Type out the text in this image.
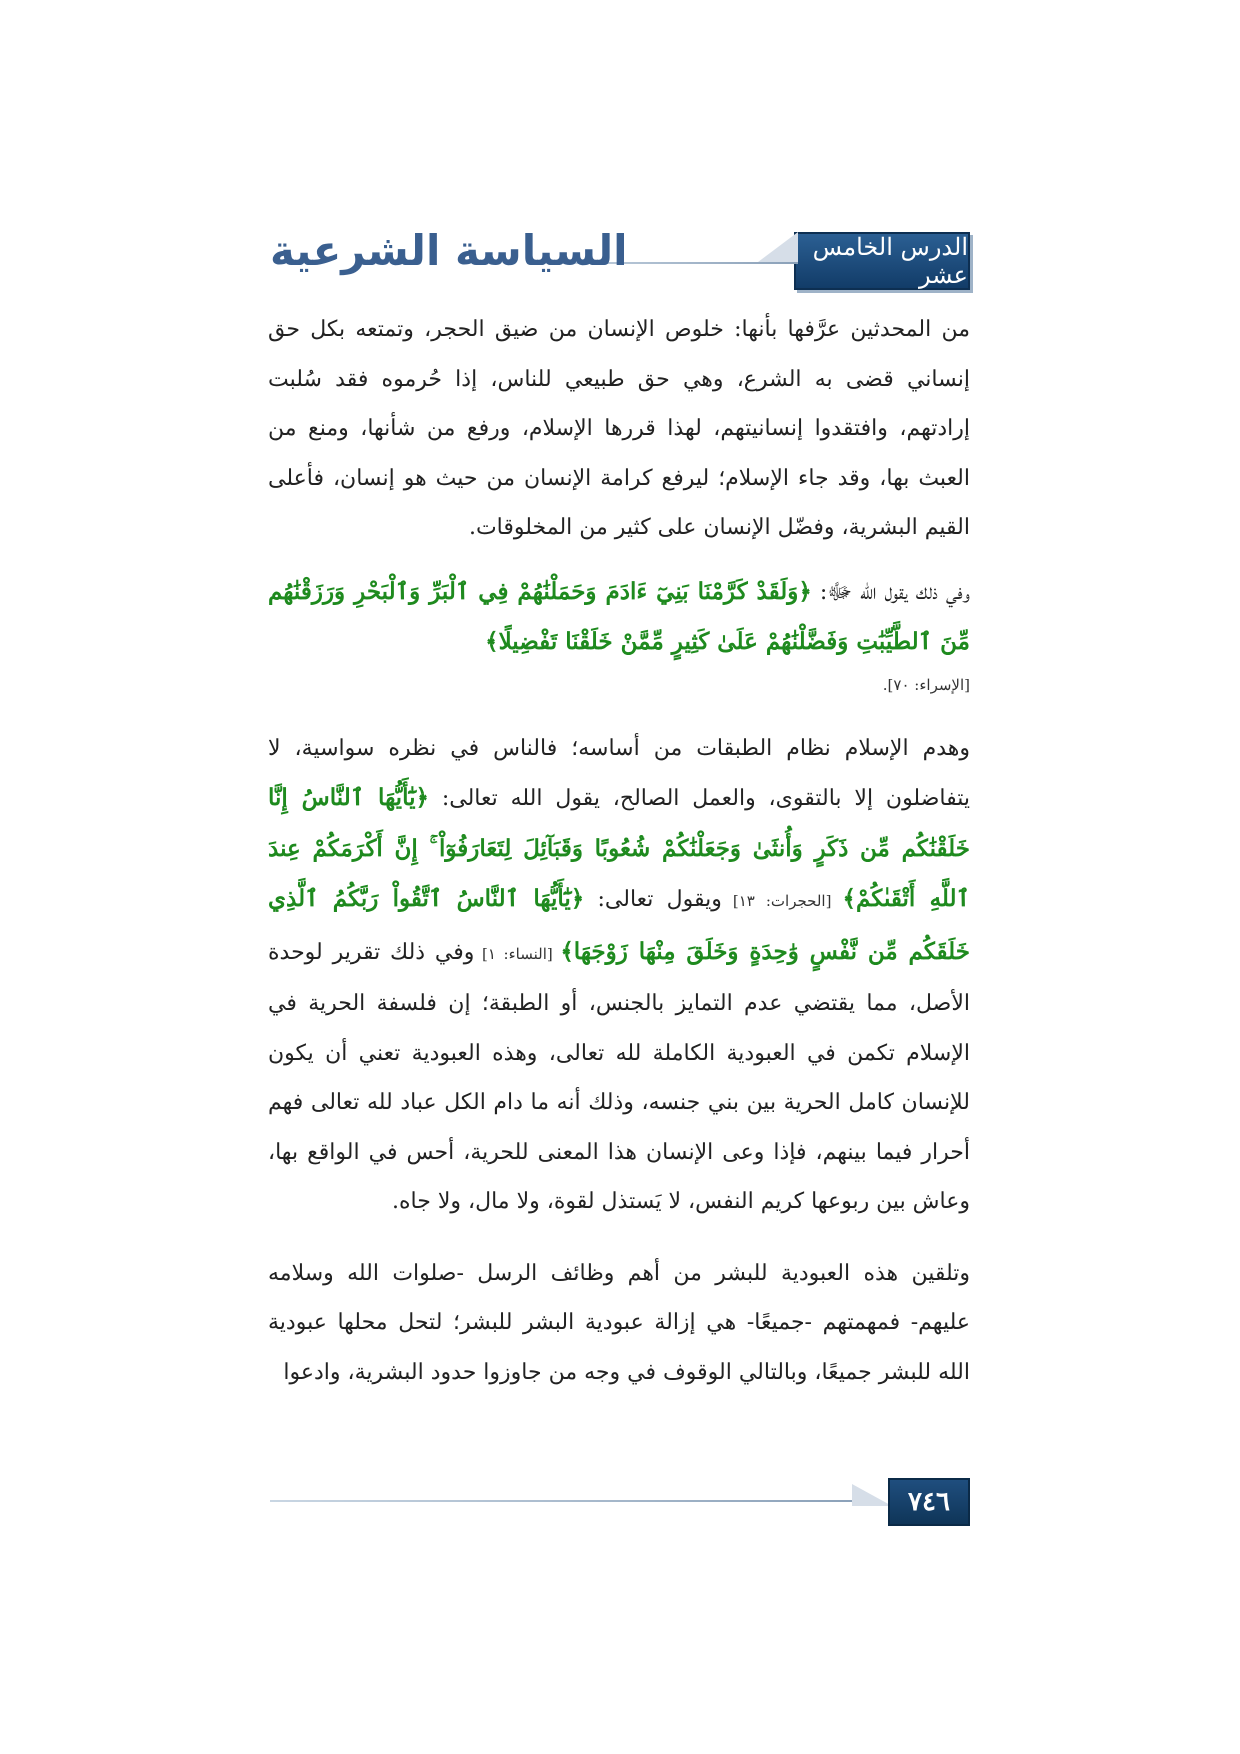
الدرس الخامس عشر
السياسة الشرعية

من المحدثين عرَّفها بأنها: خلوص الإنسان من ضيق الحجر، وتمتعه بكل حق إنساني قضى به الشرع، وهي حق طبيعي للناس، إذا حُرموه فقد سُلبت إرادتهم، وافتقدوا إنسانيتهم، لهذا قررها الإسلام، ورفع من شأنها، ومنع من العبث بها، وقد جاء الإسلام؛ ليرفع كرامة الإنسان من حيث هو إنسان، فأعلى القيم البشرية، وفضّل الإنسان على كثير من المخلوقات.

وفي ذلك يقول الله ﷻ: ﴿وَلَقَدْ كَرَّمْنَا بَنِيٓ ءَادَمَ وَحَمَلْنَٰهُمْ فِي ٱلْبَرِّ وَٱلْبَحْرِ وَرَزَقْنَٰهُم مِّنَ ٱلطَّيِّبَٰتِ وَفَضَّلْنَٰهُمْ عَلَىٰ كَثِيرٍ مِّمَّنْ خَلَقْنَا تَفْضِيلًا﴾

[الإسراء: ٧٠].

وهدم الإسلام نظام الطبقات من أساسه؛ فالناس في نظره سواسية، لا يتفاضلون إلا بالتقوى، والعمل الصالح، يقول الله تعالى: ﴿يَٰٓأَيُّهَا ٱلنَّاسُ إِنَّا خَلَقْنَٰكُم مِّن ذَكَرٍ وَأُنثَىٰ وَجَعَلْنَٰكُمْ شُعُوبًا وَقَبَآئِلَ لِتَعَارَفُوٓاْ ۚ إِنَّ أَكْرَمَكُمْ عِندَ ٱللَّهِ أَتْقَىٰكُمْ﴾ [الحجرات: ١٣] ويقول تعالى: ﴿يَٰٓأَيُّهَا ٱلنَّاسُ ٱتَّقُواْ رَبَّكُمُ ٱلَّذِي خَلَقَكُم مِّن نَّفْسٍ وَٰحِدَةٍ وَخَلَقَ مِنْهَا زَوْجَهَا﴾ [النساء: ١] وفي ذلك تقرير لوحدة الأصل، مما يقتضي عدم التمايز بالجنس، أو الطبقة؛ إن فلسفة الحرية في الإسلام تكمن في العبودية الكاملة لله تعالى، وهذه العبودية تعني أن يكون للإنسان كامل الحرية بين بني جنسه، وذلك أنه ما دام الكل عباد لله تعالى فهم أحرار فيما بينهم، فإذا وعى الإنسان هذا المعنى للحرية، أحس في الواقع بها، وعاش بين ربوعها كريم النفس، لا يَستذل لقوة، ولا مال، ولا جاه.

وتلقين هذه العبودية للبشر من أهم وظائف الرسل -صلوات الله وسلامه عليهم- فمهمتهم -جميعًا- هي إزالة عبودية البشر للبشر؛ لتحل محلها عبودية الله للبشر جميعًا، وبالتالي الوقوف في وجه من جاوزوا حدود البشرية، وادعوا

٧٤٦
